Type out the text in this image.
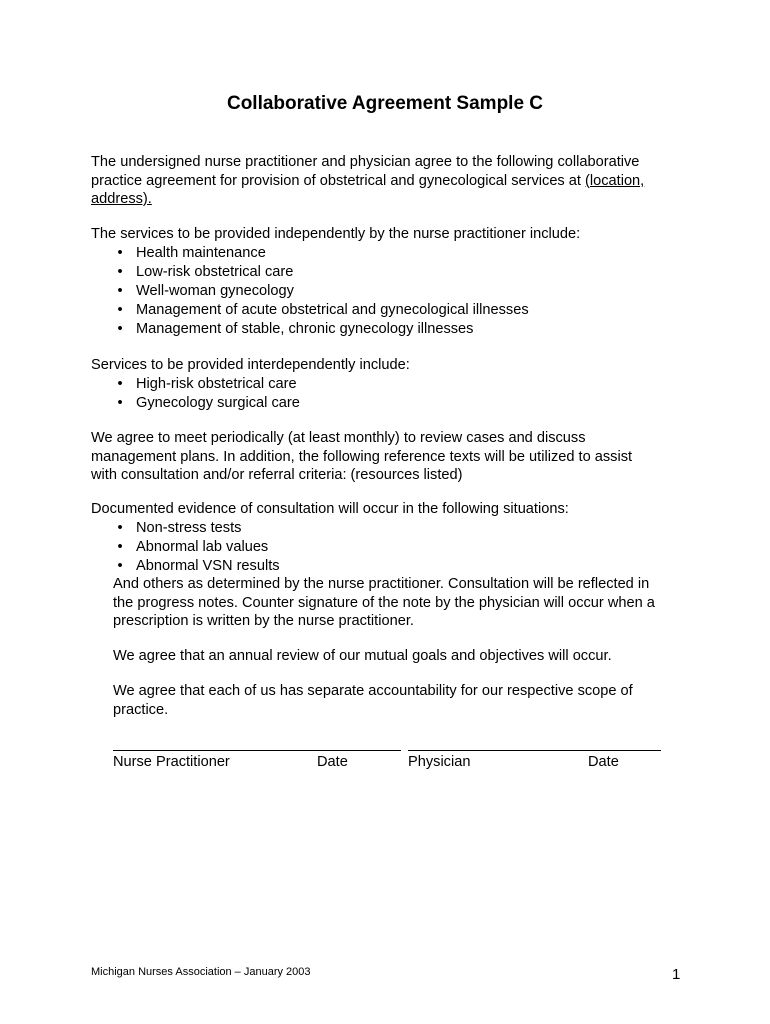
Collaborative Agreement Sample C
The undersigned nurse practitioner and physician agree to the following collaborative
practice agreement for provision of obstetrical and gynecological services at (location,
address).
The services to be provided independently by the nurse practitioner include:
• Health maintenance
• Low-risk obstetrical care
• Well-woman gynecology
• Management of acute obstetrical and gynecological illnesses
• Management of stable, chronic gynecology illnesses
Services to be provided interdependently include:
• High-risk obstetrical care
• Gynecology surgical care
We agree to meet periodically (at least monthly) to review cases and discuss
management plans. In addition, the following reference texts will be utilized to assist
with consultation and/or referral criteria: (resources listed)
Documented evidence of consultation will occur in the following situations:
• Non-stress tests
• Abnormal lab values
• Abnormal VSN results
And others as determined by the nurse practitioner. Consultation will be reflected in
the progress notes. Counter signature of the note by the physician will occur when a
prescription is written by the nurse practitioner.
We agree that an annual review of our mutual goals and objectives will occur.
We agree that each of us has separate accountability for our respective scope of
practice.
Nurse Practitioner	Date	Physician	Date
Michigan Nurses Association – January 2003	1
